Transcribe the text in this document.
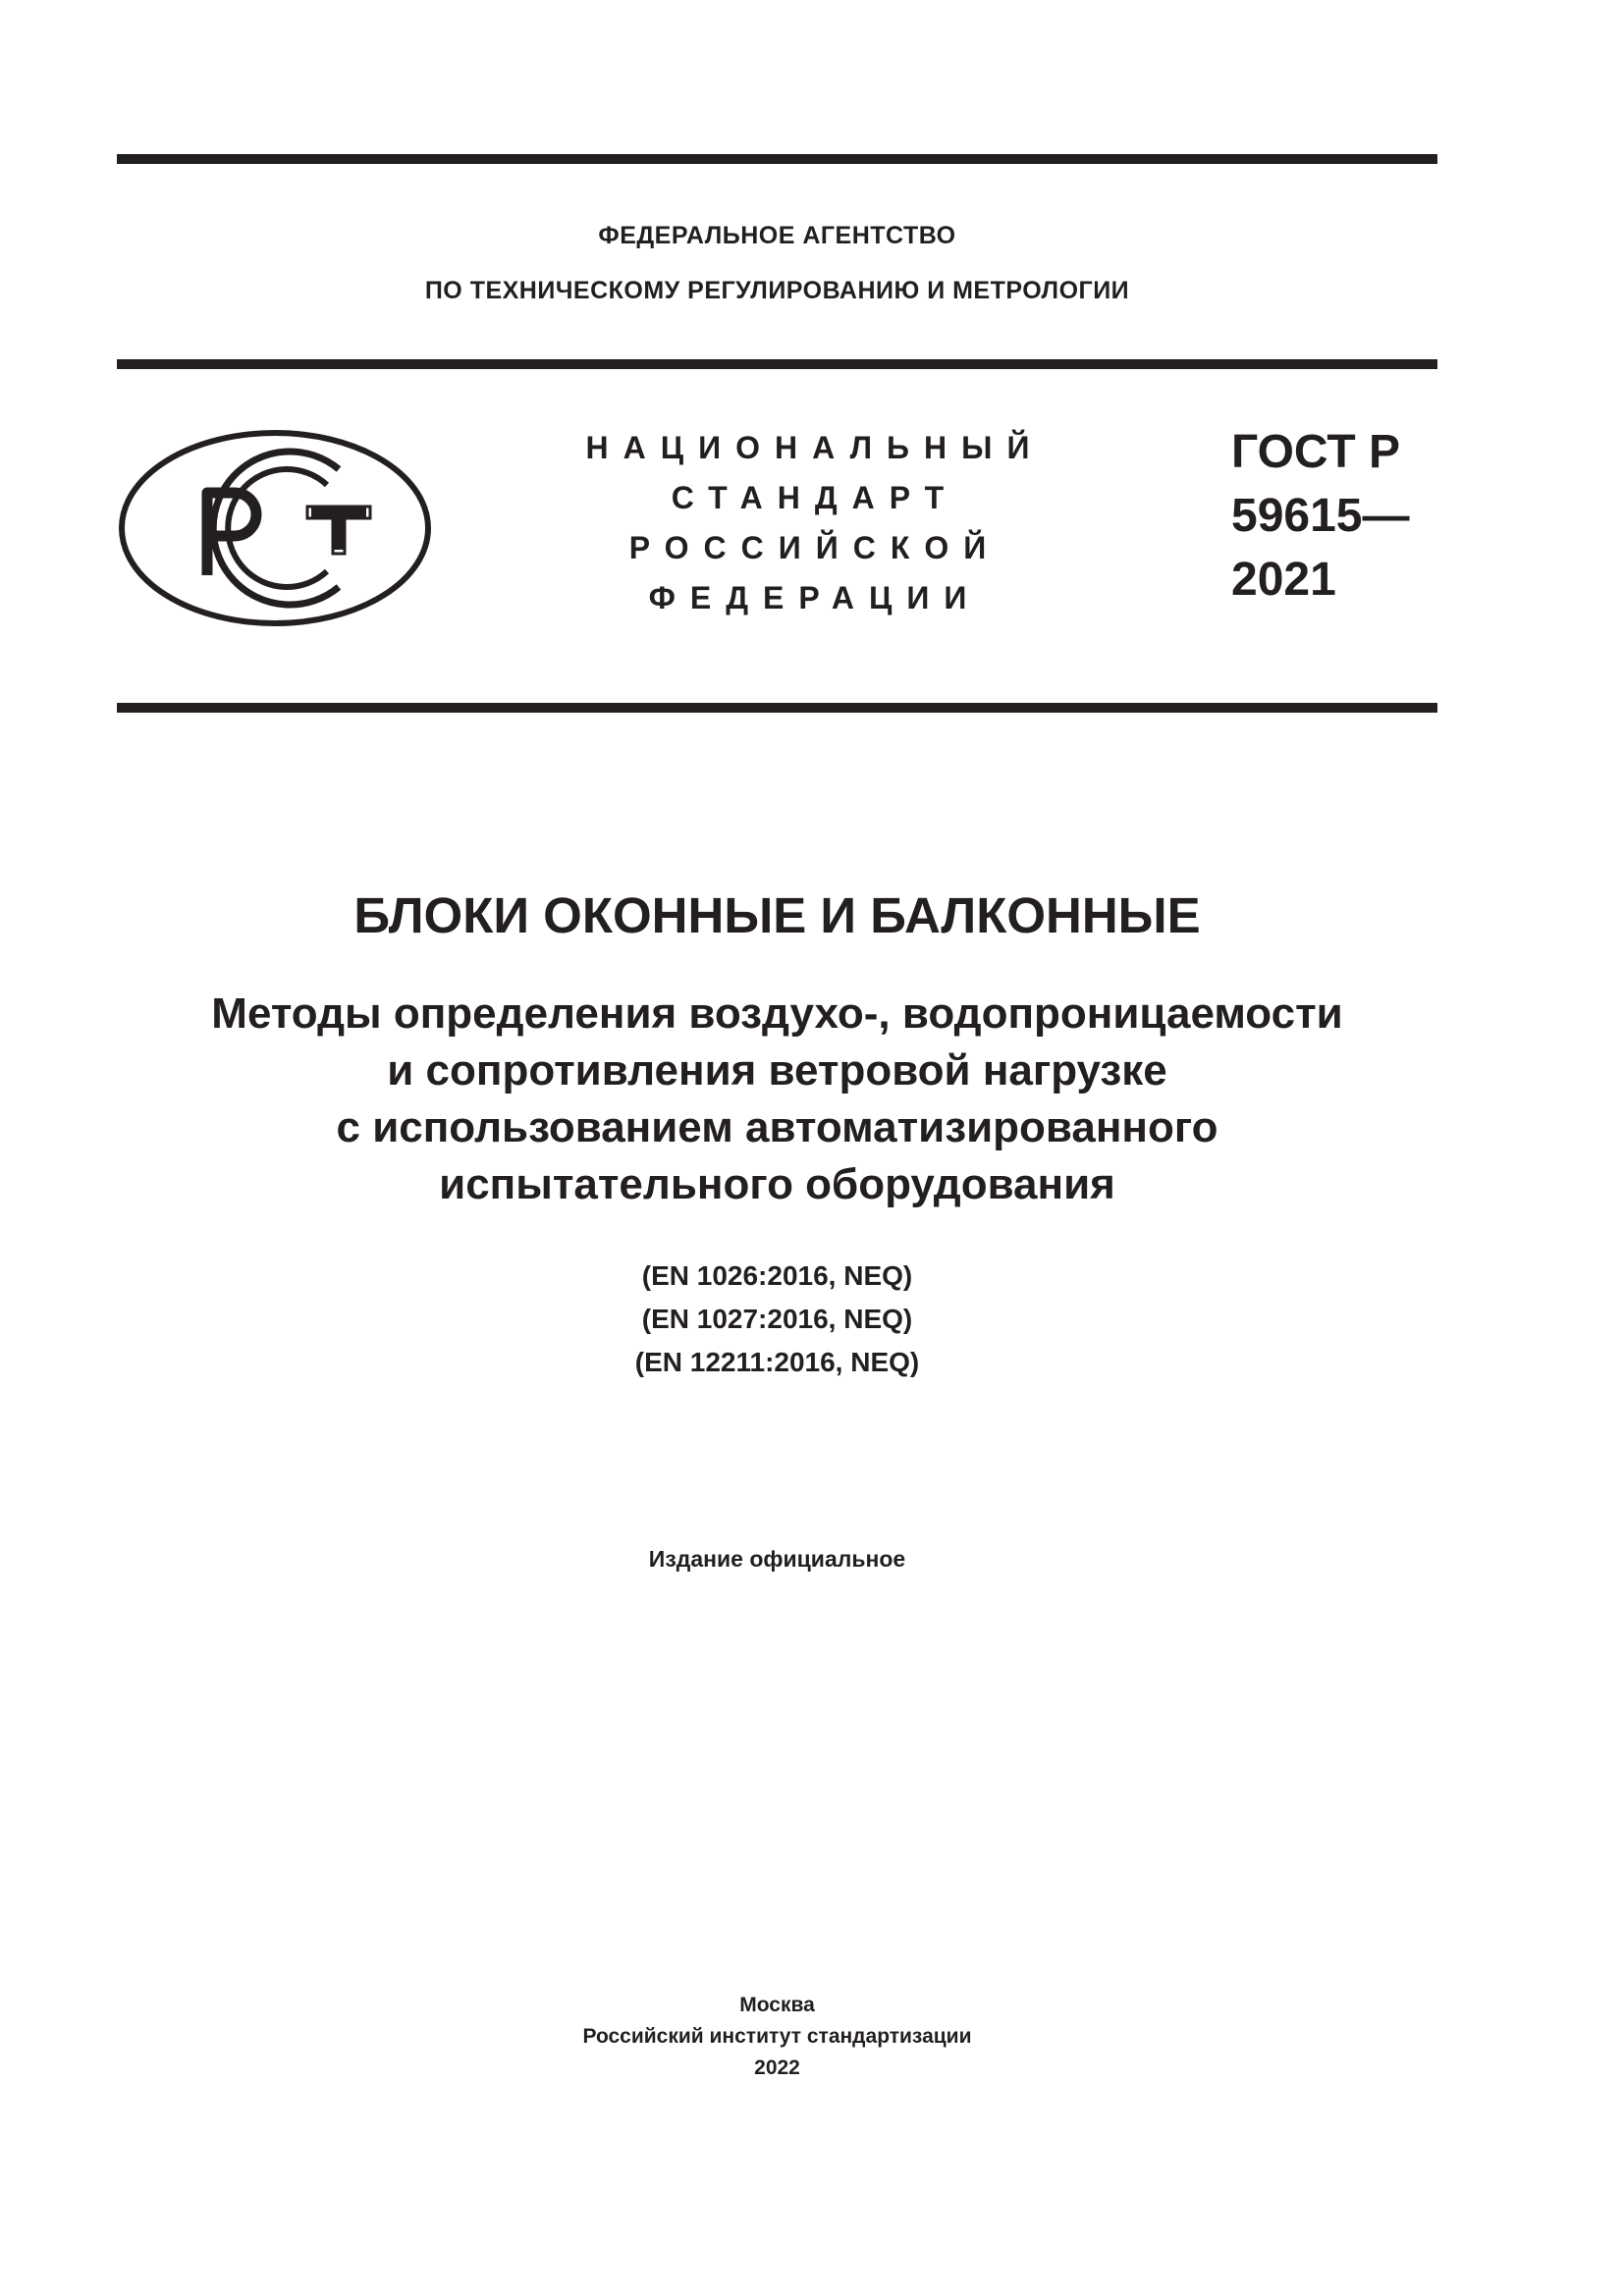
ФЕДЕРАЛЬНОЕ АГЕНТСТВО
ПО ТЕХНИЧЕСКОМУ РЕГУЛИРОВАНИЮ И МЕТРОЛОГИИ
НАЦИОНАЛЬНЫЙ
СТАНДАРТ
РОССИЙСКОЙ
ФЕДЕРАЦИИ
ГОСТ Р
59615—
2021
БЛОКИ ОКОННЫЕ И БАЛКОННЫЕ
Методы определения воздухо-, водопроницаемости
и сопротивления ветровой нагрузке
с использованием автоматизированного
испытательного оборудования
(EN 1026:2016, NEQ)
(EN 1027:2016, NEQ)
(EN 12211:2016, NEQ)
Издание официальное
Москва
Российский институт стандартизации
2022
